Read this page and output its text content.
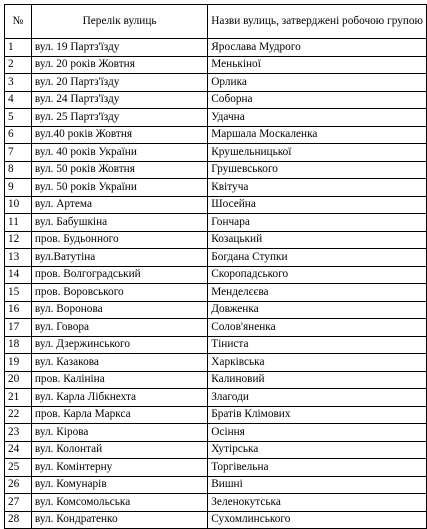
№	Перелік вулиць	Назви вулиць, затверджені робочою групою
1	вул. 19 Партз'їзду	Ярослава Мудрого
2	вул. 20 років Жовтня	Менькіної
3	вул. 20 Партз'їзду	Орлика
4	вул. 24 Партз'їзду	Соборна
5	вул. 25 Партз'їзду	Удачна
6	вул.40 років Жовтня	Маршала Москаленка
7	вул. 40 років України	Крушельницької
8	вул. 50 років Жовтня	Грушевського
9	вул. 50 років України	Квітуча
10	вул. Артема	Шосейна
11	вул. Бабушкіна	Гончара
12	пров. Будьонного	Козацький
13	вул.Ватутіна	Богдана Ступки
14	пров. Волгоградський	Скоропадського
15	пров. Воровського	Менделєєва
16	вул. Воронова	Довженка
17	вул. Говора	Солов'яненка
18	вул. Дзержинського	Тіниста
19	вул. Казакова	Харківська
20	пров. Калініна	Калиновий
21	вул. Карла Лібкнехта	Злагоди
22	пров. Карла Маркса	Братів Клімових
23	вул. Кірова	Осіння
24	вул. Колонтай	Хутірська
25	вул. Комінтерну	Торгівельна
26	вул. Комунарів	Вишні
27	вул. Комсомольська	Зеленокутська
28	вул. Кондратенко	Сухомлинського
